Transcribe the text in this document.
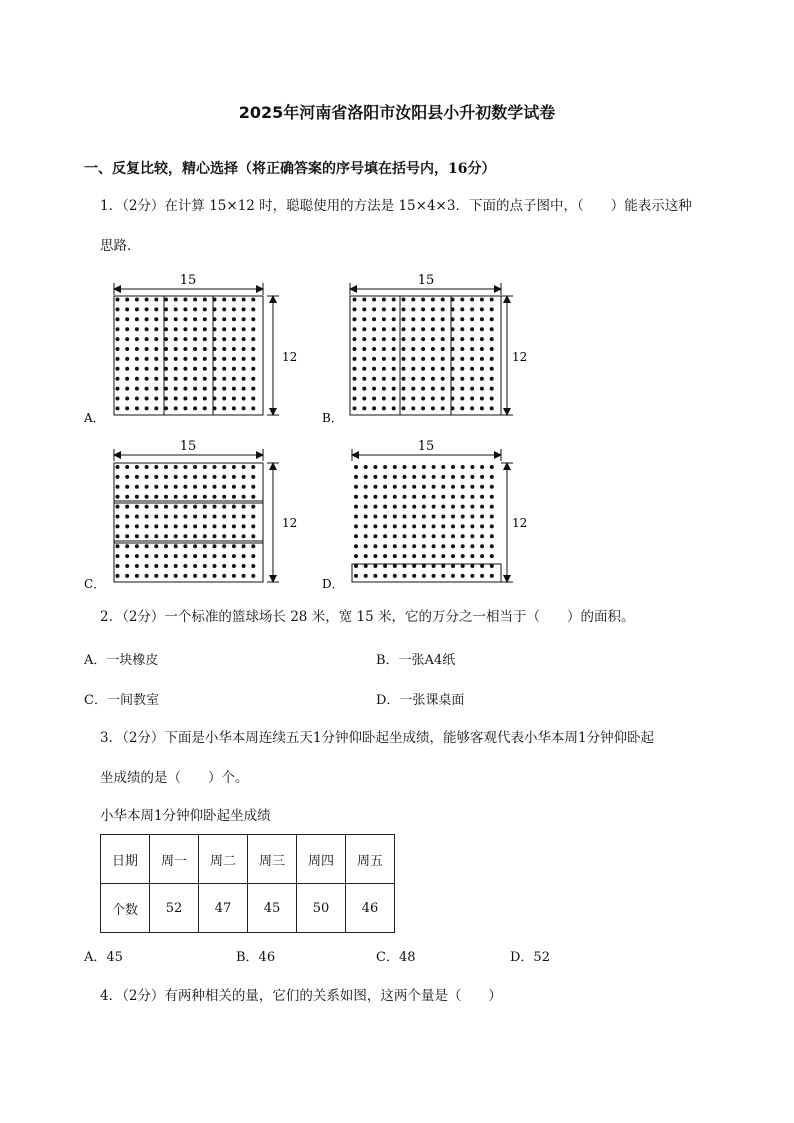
2025年河南省洛阳市汝阳县小升初数学试卷
一、反复比较，精心选择（将正确答案的序号填在括号内，16分）
1．（2分）在计算 15×12 时，聪聪使用的方法是 15×4×3．下面的点子图中，（　　）能表示这种
思路．
15
12
A．
15
12
B．
15
12
C．
15
12
D．
2．（2分）一个标准的篮球场长 28 米，宽 15 米，它的万分之一相当于（　　）的面积。
A．一块橡皮	B．一张A4纸
C．一间教室	D．一张课桌面
3．（2分）下面是小华本周连续五天1分钟仰卧起坐成绩，能够客观代表小华本周1分钟仰卧起
坐成绩的是（　　）个。
小华本周1分钟仰卧起坐成绩
日期	周一	周二	周三	周四	周五
个数	52	47	45	50	46
A．45	B．46	C．48	D．52
4．（2分）有两种相关的量，它们的关系如图，这两个量是（　　）
